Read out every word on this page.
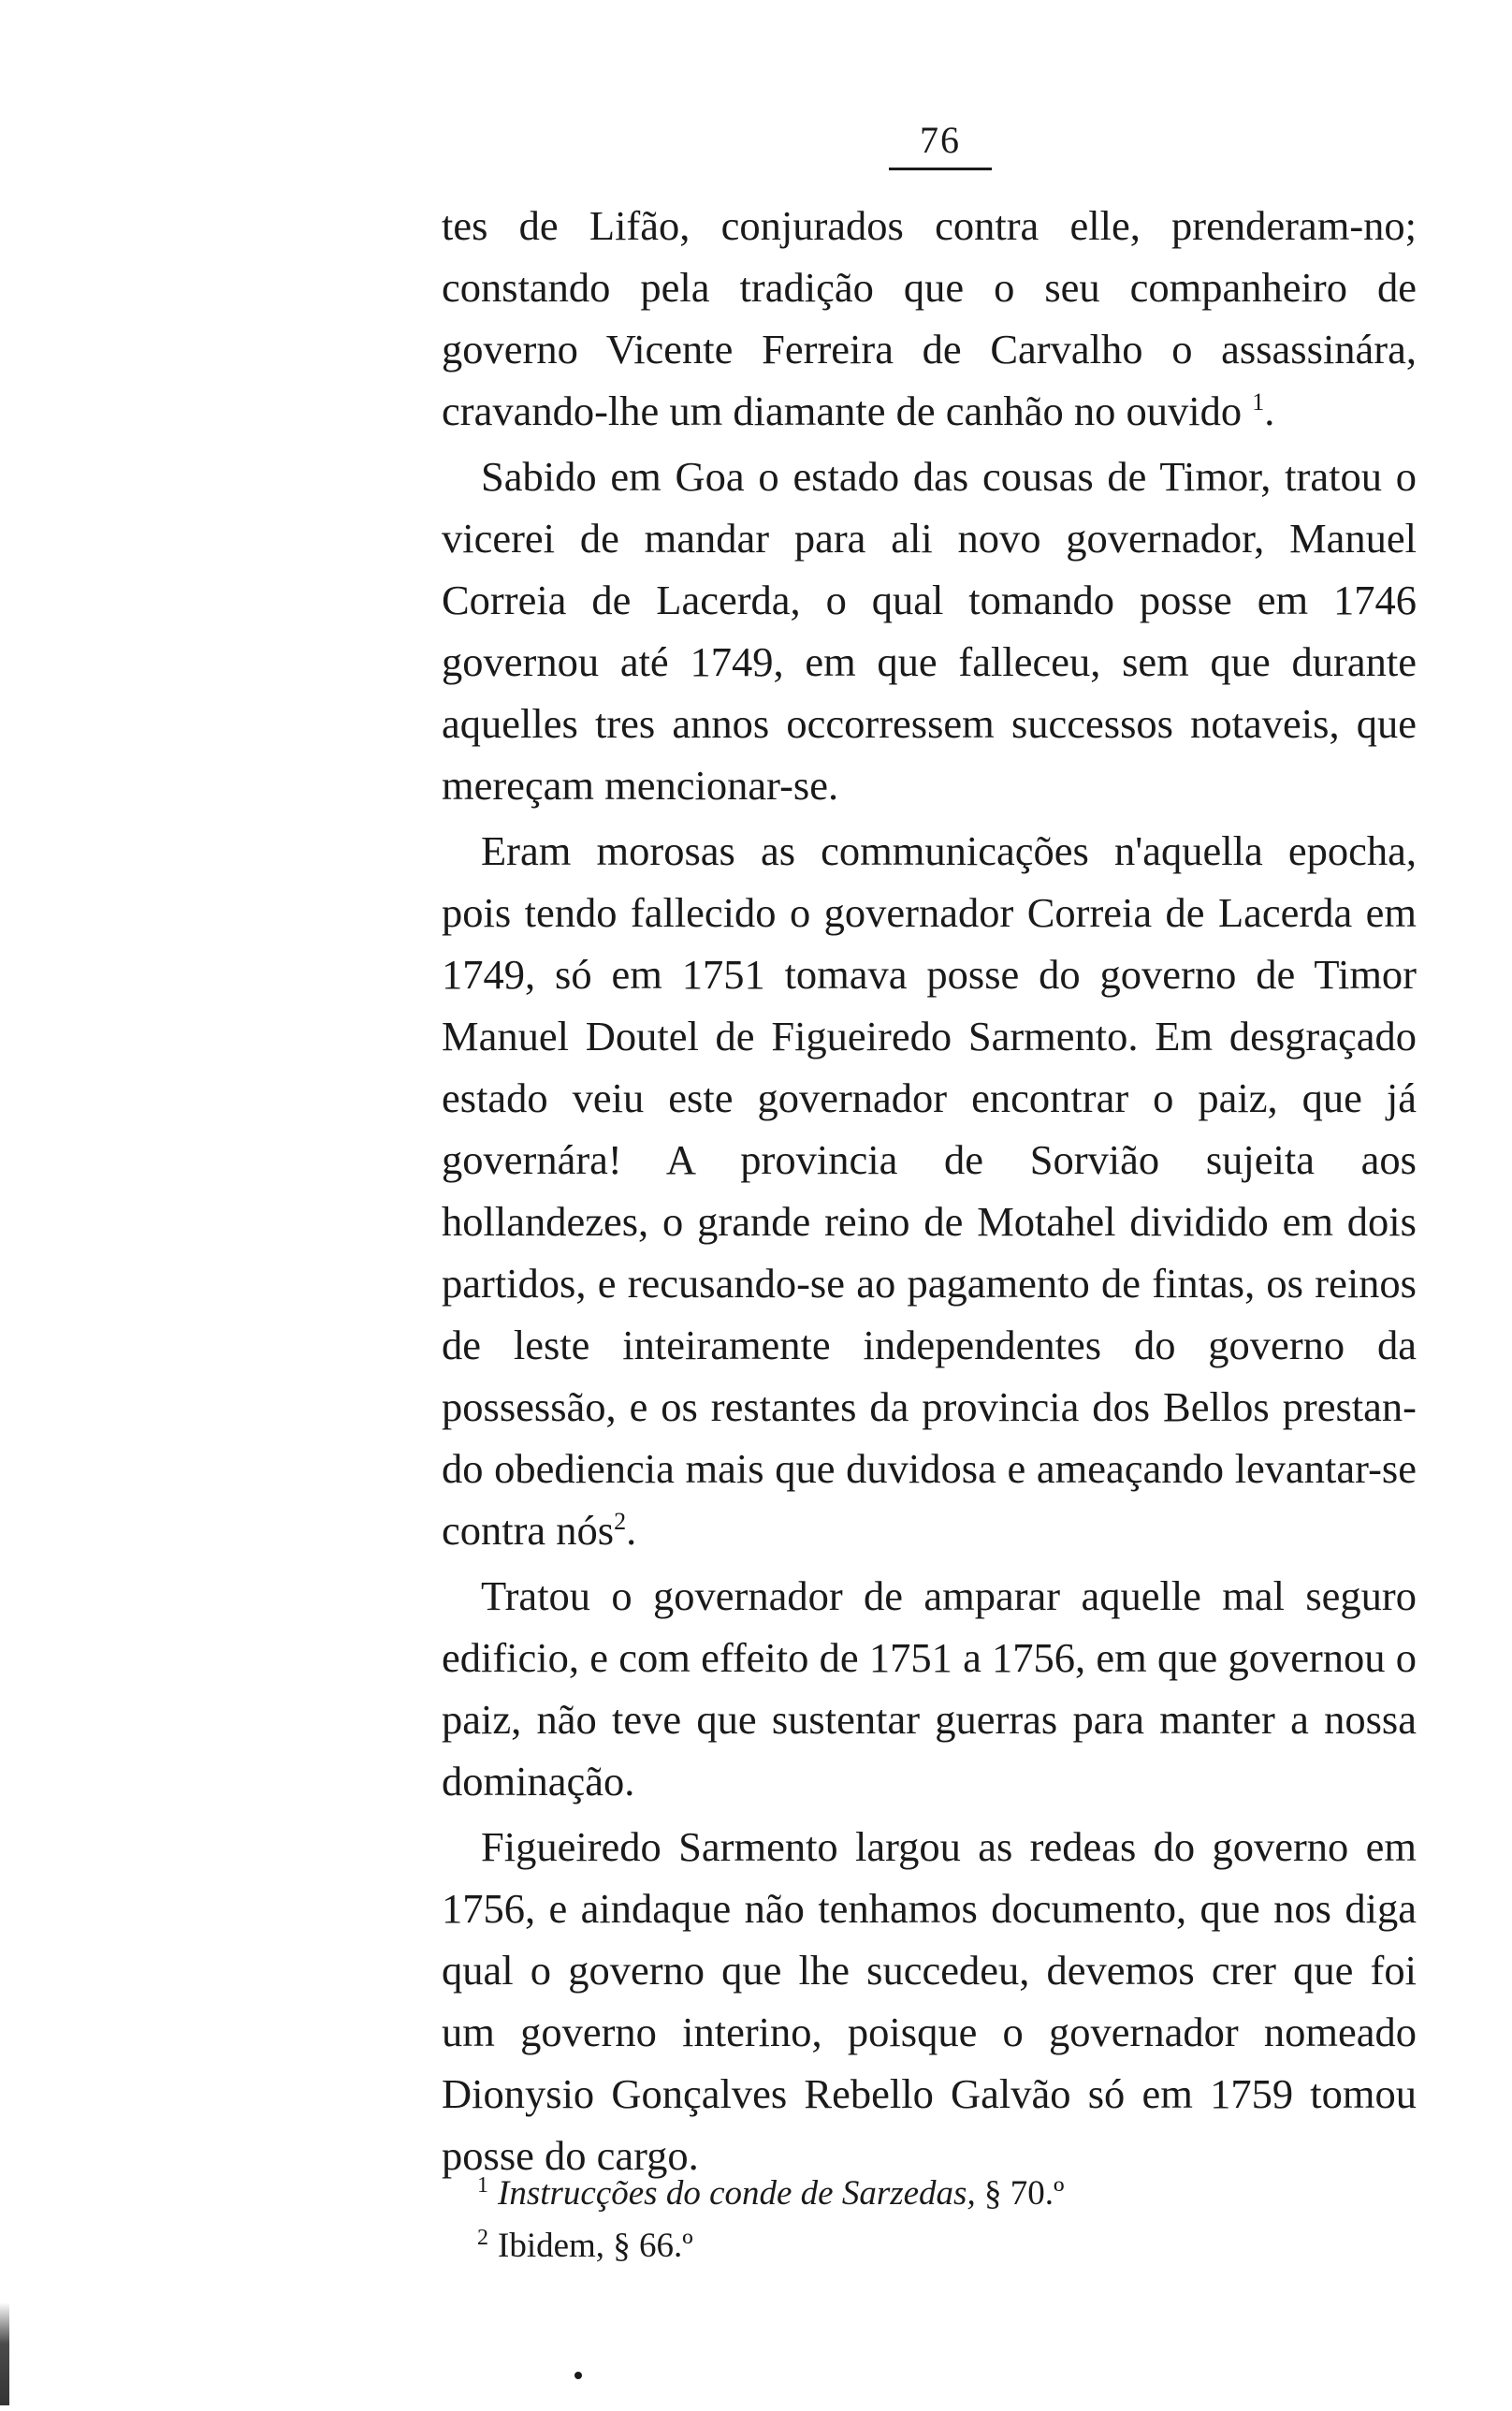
76

tes de Lifão, conjurados contra elle, prenderam-no; constando pela tradição que o seu companheiro de governo Vicente Ferreira de Carvalho o assassinára, cravando-lhe um diamante de canhão no ouvido $^1$.

Sabido em Goa o estado das cousas de Timor, tratou o vicerei de mandar para ali novo governador, Manuel Correia de Lacerda, o qual tomando posse em 1746 governou até 1749, em que falleceu, sem que durante aquelles tres annos occorressem successos notaveis, que mereçam mencionar-se.

Eram morosas as communicações n'aquella epocha, pois tendo fallecido o governador Correia de Lacerda em 1749, só em 1751 tomava posse do governo de Timor Manuel Doutel de Figueiredo Sarmento. Em desgraçado estado veiu este governador encontrar o paiz, que já governára! A provincia de Sorvião sujeita aos hollandezes, o grande reino de Motahel dividido em dois partidos, e recusando-se ao pagamento de fintas, os reinos de leste inteiramente independentes do governo da possessão, e os restantes da provincia dos Bellos prestando obediencia mais que duvidosa e ameaçando levantar-se contra nós$^2$.

Tratou o governador de amparar aquelle mal seguro edificio, e com effeito de 1751 a 1756, em que governou o paiz, não teve que sustentar guerras para manter a nossa dominação.

Figueiredo Sarmento largou as redeas do governo em 1756, e aindaque não tenhamos documento, que nos diga qual o governo que lhe succedeu, devemos crer que foi um governo interino, poisque o governador nomeado Dionysio Gonçalves Rebello Galvão só em 1759 tomou posse do cargo.

$^1$ Instrucções do conde de Sarzedas, § 70.º

$^2$ Ibidem, § 66.º
